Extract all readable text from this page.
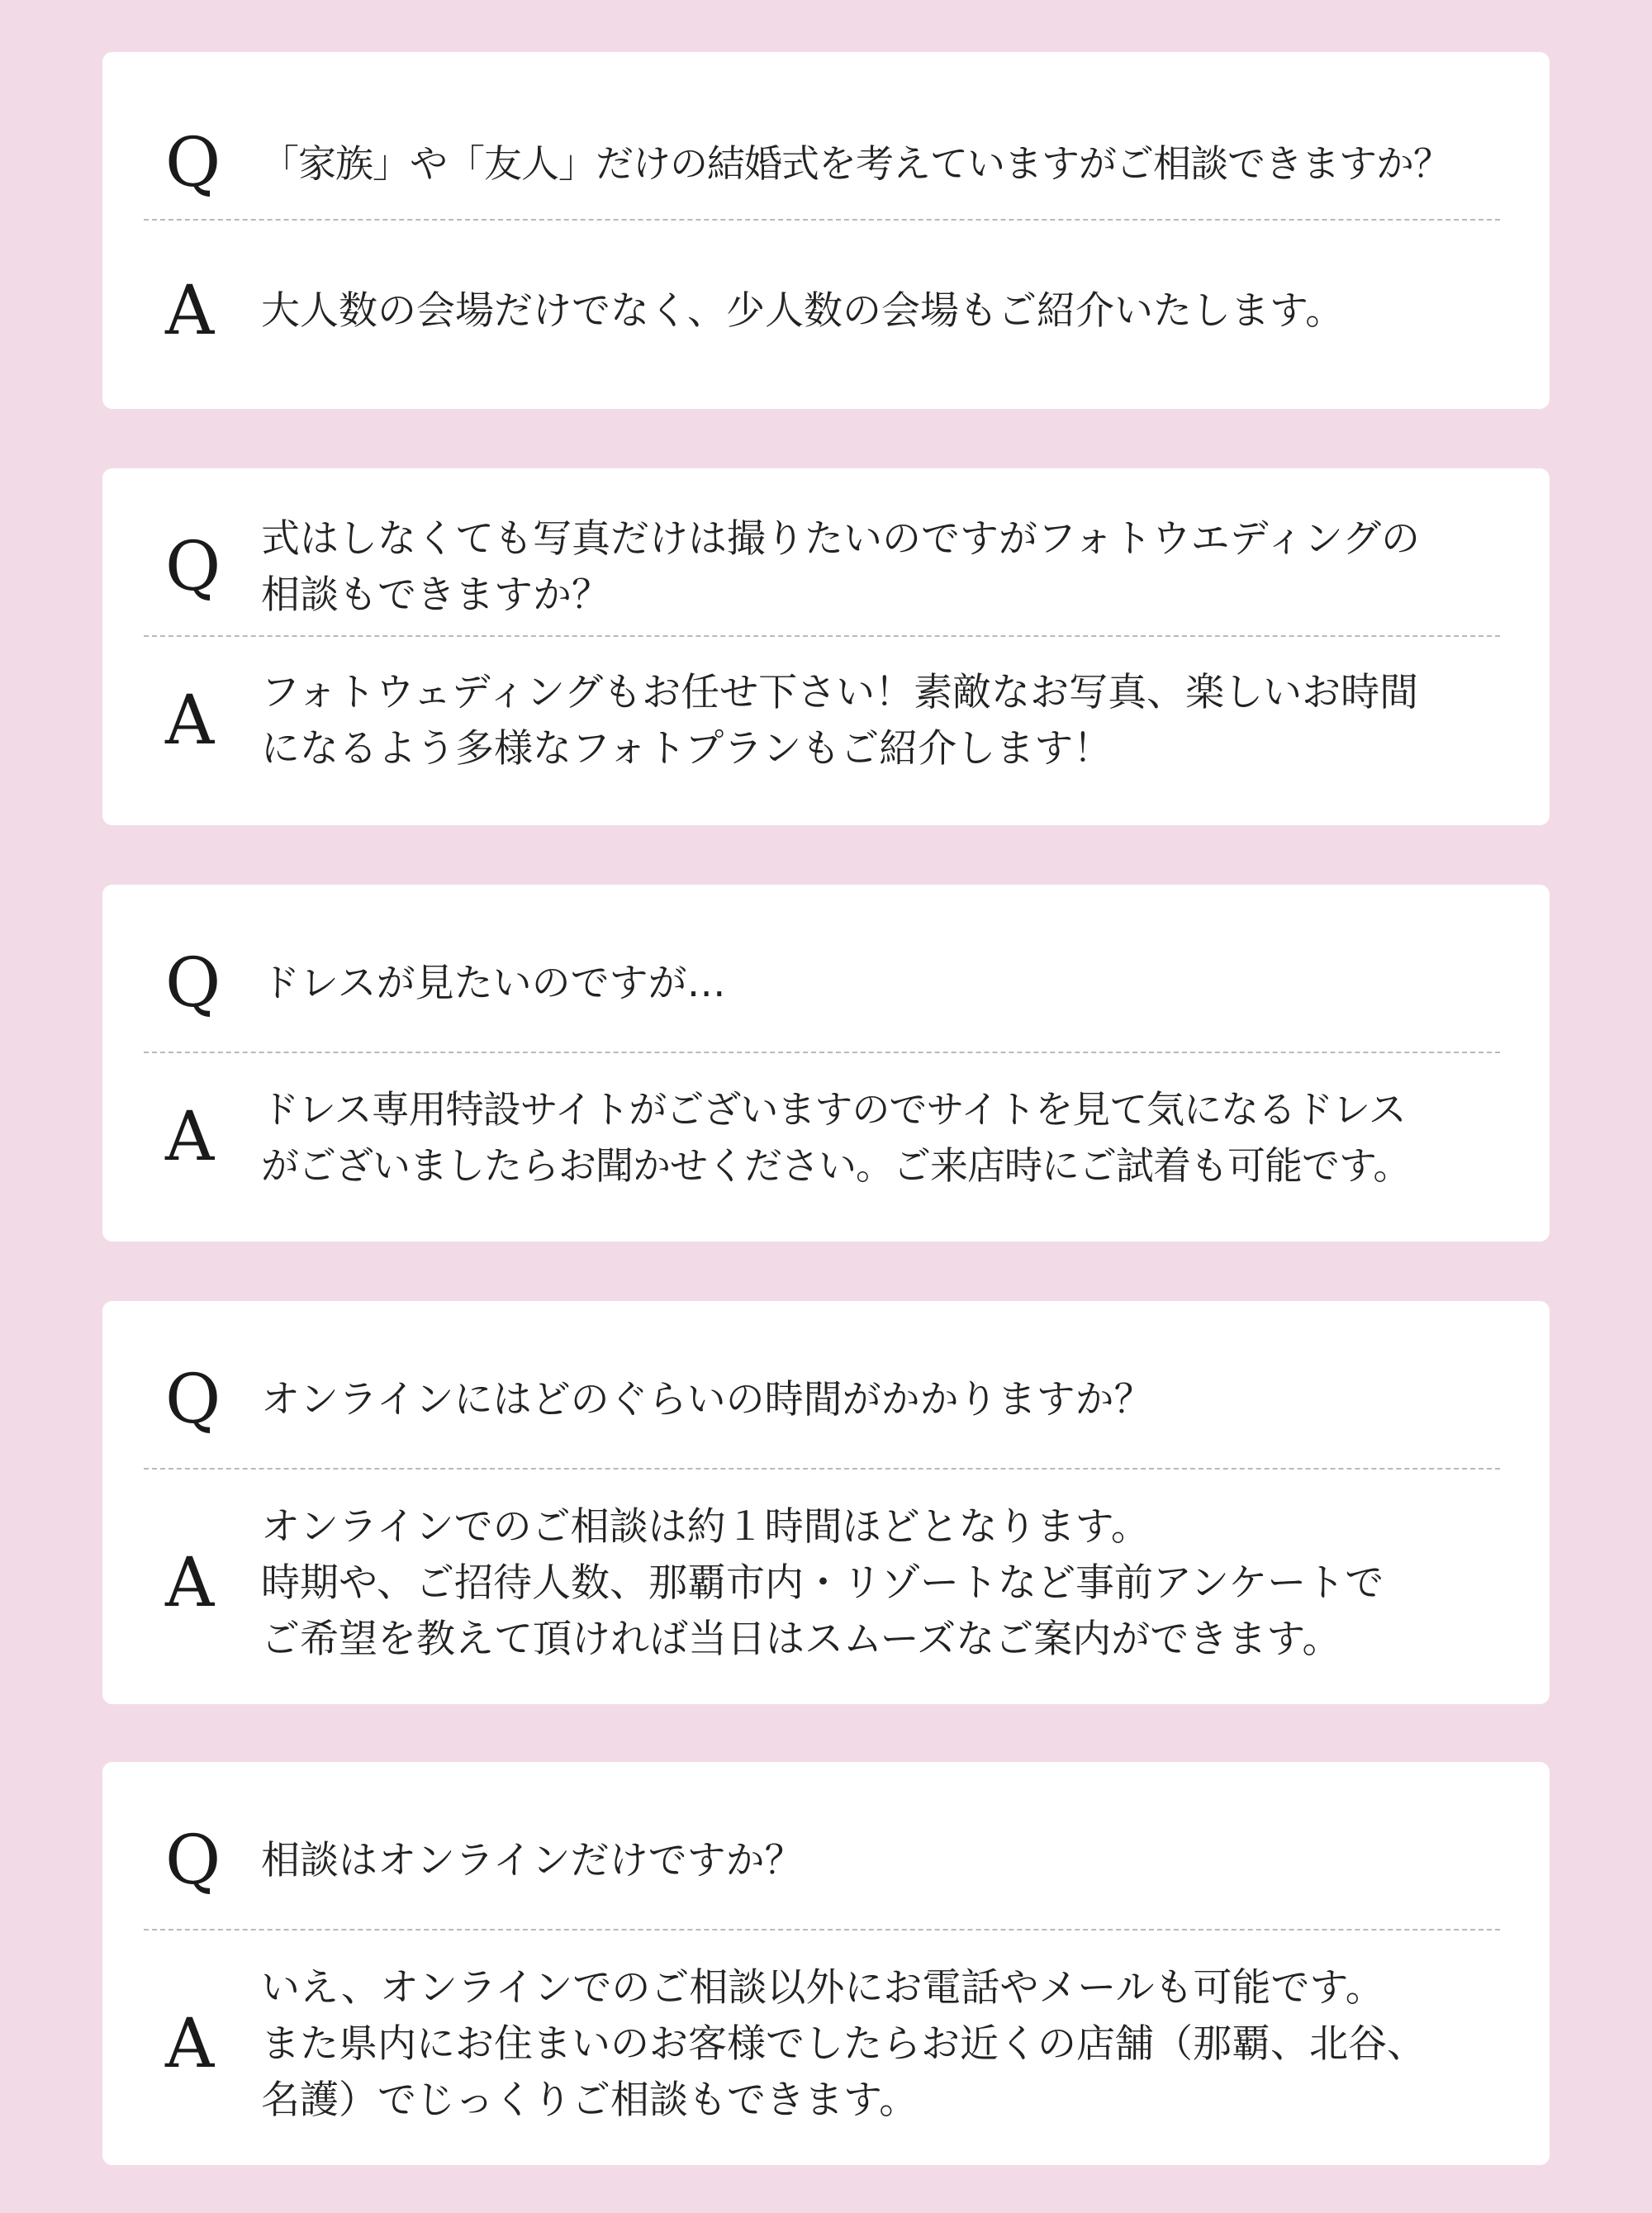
Q	「家族」や「友人」だけの結婚式を考えていますがご相談できますか？
A	大人数の会場だけでなく、少人数の会場もご紹介いたします。
Q	式はしなくても写真だけは撮りたいのですがフォトウエディングの
相談もできますか？
A	フォトウェディングもお任せ下さい！素敵なお写真、楽しいお時間
になるよう多様なフォトプランもご紹介します！
Q	ドレスが見たいのですが…
A	ドレス専用特設サイトがございますのでサイトを見て気になるドレス
がございましたらお聞かせください。ご来店時にご試着も可能です。
Q	オンラインにはどのぐらいの時間がかかりますか？
A
オンラインでのご相談は約１時間ほどとなります。
時期や、ご招待人数、那覇市内・リゾートなど事前アンケートで
ご希望を教えて頂ければ当日はスムーズなご案内ができます。
Q	相談はオンラインだけですか？
A
いえ、オンラインでのご相談以外にお電話やメールも可能です。
また県内にお住まいのお客様でしたらお近くの店舗（那覇、北谷、
名護）でじっくりご相談もできます。
